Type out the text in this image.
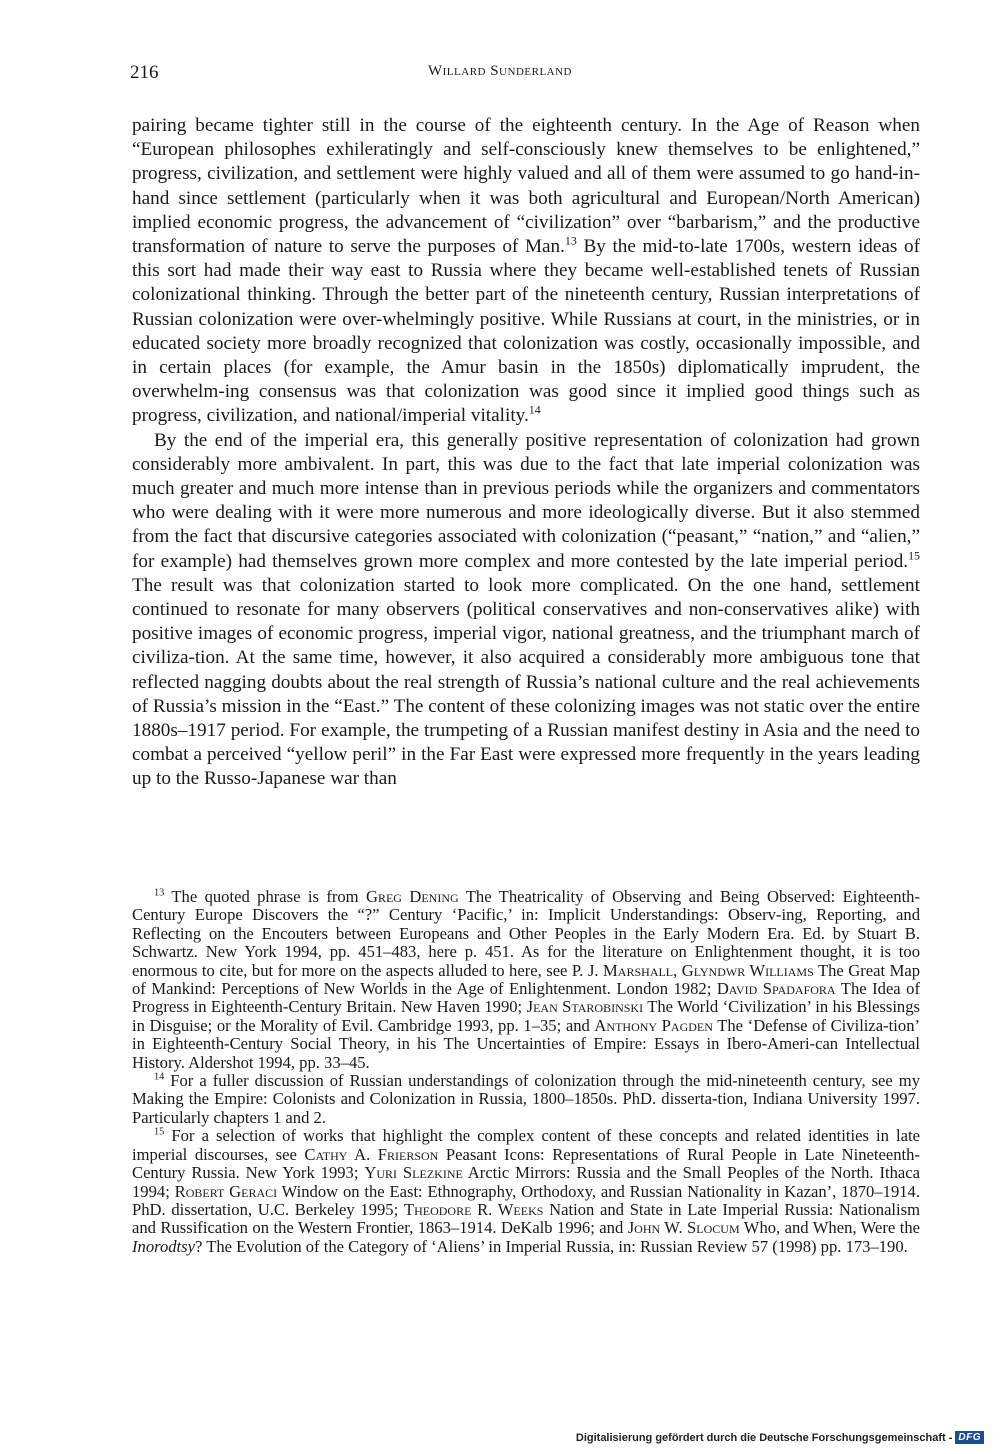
216	Willard Sunderland

pairing became tighter still in the course of the eighteenth century. In the Age of Reason when “European philosophes exhileratingly and self-consciously knew themselves to be enlightened,” progress, civilization, and settlement were highly valued and all of them were assumed to go hand-in-hand since settlement (particularly when it was both agricultural and European/North American) implied economic progress, the advancement of “civilization” over “barbarism,” and the productive transformation of nature to serve the purposes of Man.$^{13}$ By the mid-to-late 1700s, western ideas of this sort had made their way east to Russia where they became well-established tenets of Russian colonizational thinking. Through the better part of the nineteenth century, Russian interpretations of Russian colonization were over-whelmingly positive. While Russians at court, in the ministries, or in educated society more broadly recognized that colonization was costly, occasionally impossible, and in certain places (for example, the Amur basin in the 1850s) diplomatically imprudent, the overwhelm-ing consensus was that colonization was good since it implied good things such as progress, civilization, and national/imperial vitality.$^{14}$

By the end of the imperial era, this generally positive representation of colonization had grown considerably more ambivalent. In part, this was due to the fact that late imperial colonization was much greater and much more intense than in previous periods while the organizers and commentators who were dealing with it were more numerous and more ideologically diverse. But it also stemmed from the fact that discursive categories associated with colonization (“peasant,” “nation,” and “alien,” for example) had themselves grown more complex and more contested by the late imperial period.$^{15}$ The result was that colonization started to look more complicated. On the one hand, settlement continued to resonate for many observers (political conservatives and non-conservatives alike) with positive images of economic progress, imperial vigor, national greatness, and the triumphant march of civiliza-tion. At the same time, however, it also acquired a considerably more ambiguous tone that reflected nagging doubts about the real strength of Russia’s national culture and the real achievements of Russia’s mission in the “East.” The content of these colonizing images was not static over the entire 1880s–1917 period. For example, the trumpeting of a Russian manifest destiny in Asia and the need to combat a perceived “yellow peril” in the Far East were expressed more frequently in the years leading up to the Russo-Japanese war than

$^{13}$ The quoted phrase is from Greg Dening The Theatricality of Observing and Being Observed: Eighteenth-Century Europe Discovers the “?” Century ‘Pacific,’ in: Implicit Understandings: Observ-ing, Reporting, and Reflecting on the Encouters between Europeans and Other Peoples in the Early Modern Era. Ed. by Stuart B. Schwartz. New York 1994, pp. 451–483, here p. 451. As for the literature on Enlightenment thought, it is too enormous to cite, but for more on the aspects alluded to here, see P. J. Marshall, Glyndwr Williams The Great Map of Mankind: Perceptions of New Worlds in the Age of Enlightenment. London 1982; David Spadafora The Idea of Progress in Eighteenth-Century Britain. New Haven 1990; Jean Starobinski The World ‘Civilization’ in his Blessings in Disguise; or the Morality of Evil. Cambridge 1993, pp. 1–35; and Anthony Pagden The ‘Defense of Civiliza-tion’ in Eighteenth-Century Social Theory, in his The Uncertainties of Empire: Essays in Ibero-Ameri-can Intellectual History. Aldershot 1994, pp. 33–45.

$^{14}$ For a fuller discussion of Russian understandings of colonization through the mid-nineteenth century, see my Making the Empire: Colonists and Colonization in Russia, 1800–1850s. PhD. disserta-tion, Indiana University 1997. Particularly chapters 1 and 2.

$^{15}$ For a selection of works that highlight the complex content of these concepts and related identities in late imperial discourses, see Cathy A. Frierson Peasant Icons: Representations of Rural People in Late Nineteenth-Century Russia. New York 1993; Yuri Slezkine Arctic Mirrors: Russia and the Small Peoples of the North. Ithaca 1994; Robert Geraci Window on the East: Ethnography, Orthodoxy, and Russian Nationality in Kazan’, 1870–1914. PhD. dissertation, U.C. Berkeley 1995; Theodore R. Weeks Nation and State in Late Imperial Russia: Nationalism and Russification on the Western Frontier, 1863–1914. DeKalb 1996; and John W. Slocum Who, and When, Were the Inorodtsy? The Evolution of the Category of ‘Aliens’ in Imperial Russia, in: Russian Review 57 (1998) pp. 173–190.

Digitalisierung gefördert durch die Deutsche Forschungsgemeinschaft - DFG
